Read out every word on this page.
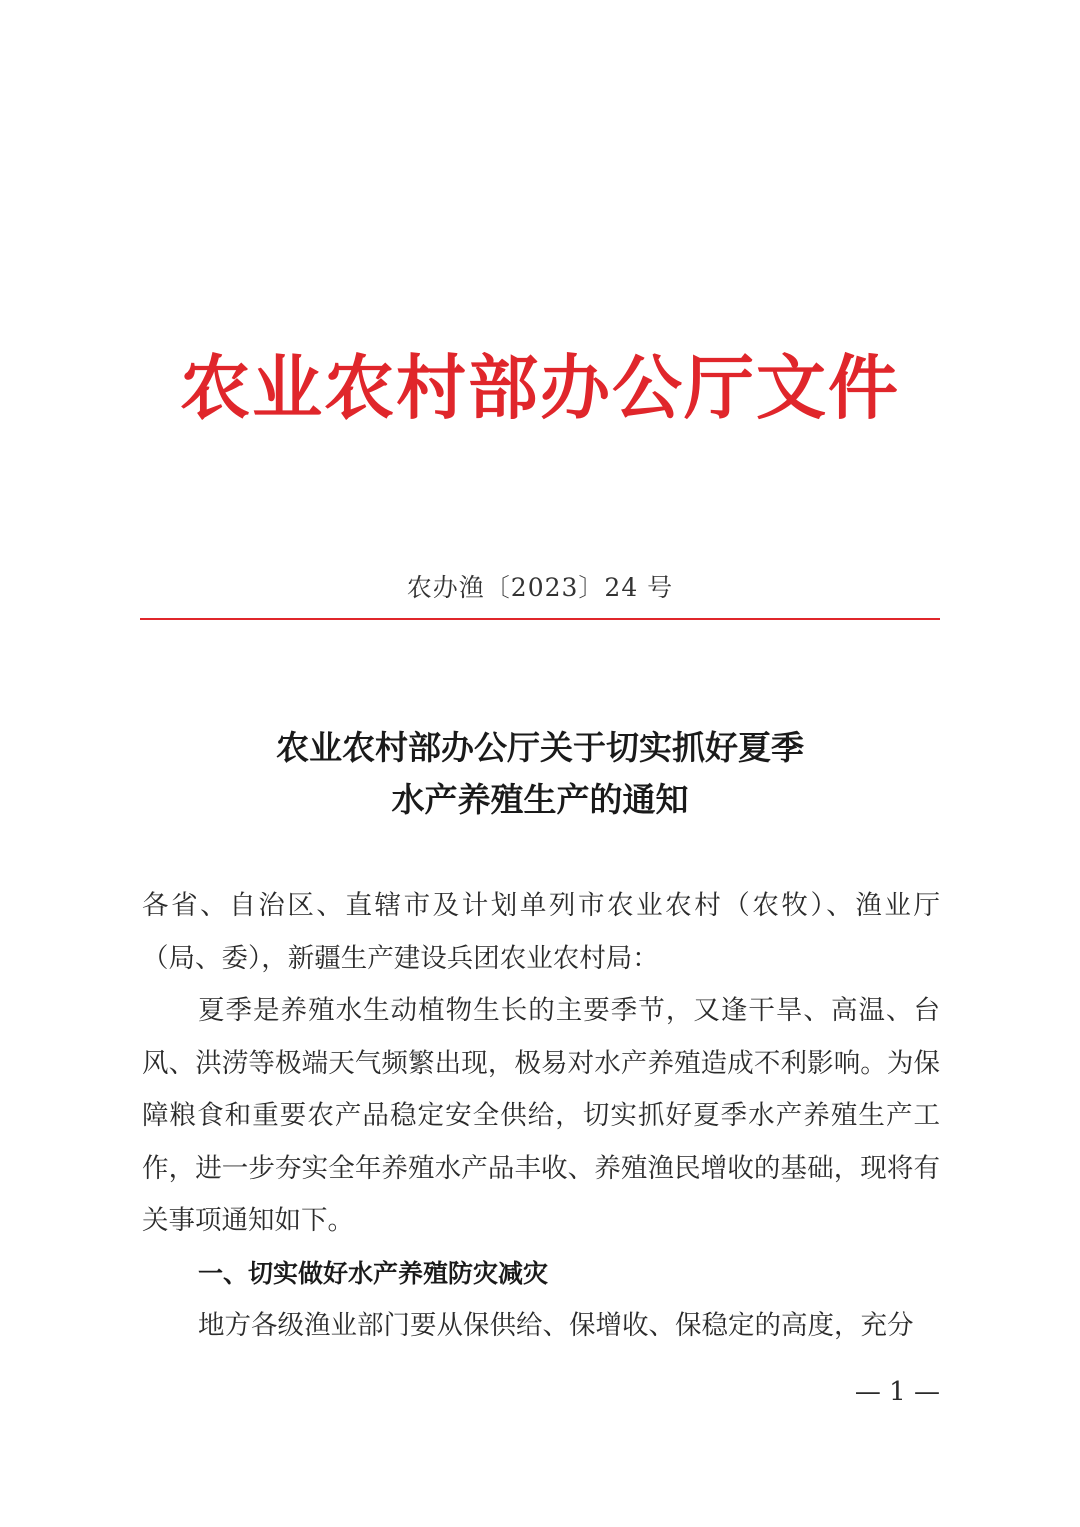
农业农村部办公厅文件
农办渔〔2023〕24 号
农业农村部办公厅关于切实抓好夏季
水产养殖生产的通知

各省、自治区、直辖市及计划单列市农业农村（农牧）、渔业厅（局、委），新疆生产建设兵团农业农村局：

夏季是养殖水生动植物生长的主要季节，又逢干旱、高温、台风、洪涝等极端天气频繁出现，极易对水产养殖造成不利影响。为保障粮食和重要农产品稳定安全供给，切实抓好夏季水产养殖生产工作，进一步夯实全年养殖水产品丰收、养殖渔民增收的基础，现将有关事项通知如下。

一、切实做好水产养殖防灾减灾

地方各级渔业部门要从保供给、保增收、保稳定的高度，充分

— 1 —
